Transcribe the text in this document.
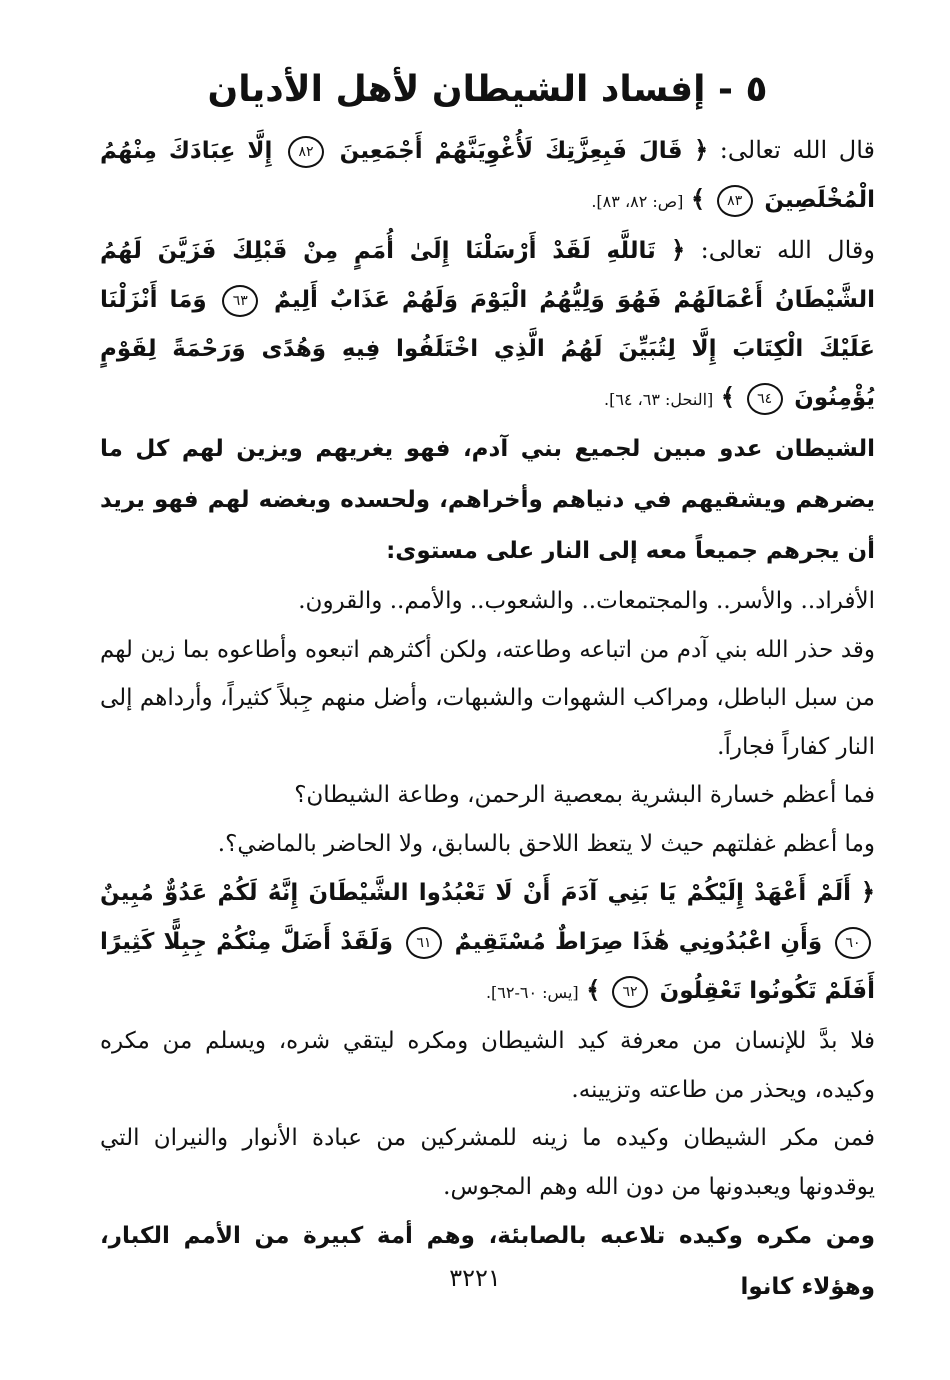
٥ - إفساد الشيطان لأهل الأديان

قال الله تعالى: ﴿ قَالَ فَبِعِزَّتِكَ لَأُغْوِيَنَّهُمْ أَجْمَعِينَ ٨٢ إِلَّا عِبَادَكَ مِنْهُمُ الْمُخْلَصِينَ ٨٣ ﴾ [ص: ٨٢، ٨٣].

وقال الله تعالى: ﴿ تَاللَّهِ لَقَدْ أَرْسَلْنَا إِلَىٰ أُمَمٍ مِنْ قَبْلِكَ فَزَيَّنَ لَهُمُ الشَّيْطَانُ أَعْمَالَهُمْ فَهُوَ وَلِيُّهُمُ الْيَوْمَ وَلَهُمْ عَذَابٌ أَلِيمٌ ٦٣ وَمَا أَنْزَلْنَا عَلَيْكَ الْكِتَابَ إِلَّا لِتُبَيِّنَ لَهُمُ الَّذِي اخْتَلَفُوا فِيهِ وَهُدًى وَرَحْمَةً لِقَوْمٍ يُؤْمِنُونَ ٦٤ ﴾ [النحل: ٦٣، ٦٤].

الشيطان عدو مبين لجميع بني آدم، فهو يغريهم ويزين لهم كل ما يضرهم ويشقيهم في دنياهم وأخراهم، ولحسده وبغضه لهم فهو يريد أن يجرهم جميعاً معه إلى النار على مستوى:

الأفراد.. والأسر.. والمجتمعات.. والشعوب.. والأمم.. والقرون.

وقد حذر الله بني آدم من اتباعه وطاعته، ولكن أكثرهم اتبعوه وأطاعوه بما زين لهم من سبل الباطل، ومراكب الشهوات والشبهات، وأضل منهم جِبلاً كثيراً، وأرداهم إلى النار كفاراً فجاراً.

فما أعظم خسارة البشرية بمعصية الرحمن، وطاعة الشيطان؟

وما أعظم غفلتهم حيث لا يتعظ اللاحق بالسابق، ولا الحاضر بالماضي؟.

﴿ أَلَمْ أَعْهَدْ إِلَيْكُمْ يَا بَنِي آدَمَ أَنْ لَا تَعْبُدُوا الشَّيْطَانَ إِنَّهُ لَكُمْ عَدُوٌّ مُبِينٌ ٦٠ وَأَنِ اعْبُدُونِي هَٰذَا صِرَاطٌ مُسْتَقِيمٌ ٦١ وَلَقَدْ أَضَلَّ مِنْكُمْ جِبِلًّا كَثِيرًا أَفَلَمْ تَكُونُوا تَعْقِلُونَ ٦٢ ﴾ [يس: ٦٠-٦٢].

فلا بدَّ للإنسان من معرفة كيد الشيطان ومكره ليتقي شره، ويسلم من مكره وكيده، ويحذر من طاعته وتزيينه.

فمن مكر الشيطان وكيده ما زينه للمشركين من عبادة الأنوار والنيران التي يوقدونها ويعبدونها من دون الله وهم المجوس.

ومن مكره وكيده تلاعبه بالصابئة، وهم أمة كبيرة من الأمم الكبار، وهؤلاء كانوا

٣٢٢١
